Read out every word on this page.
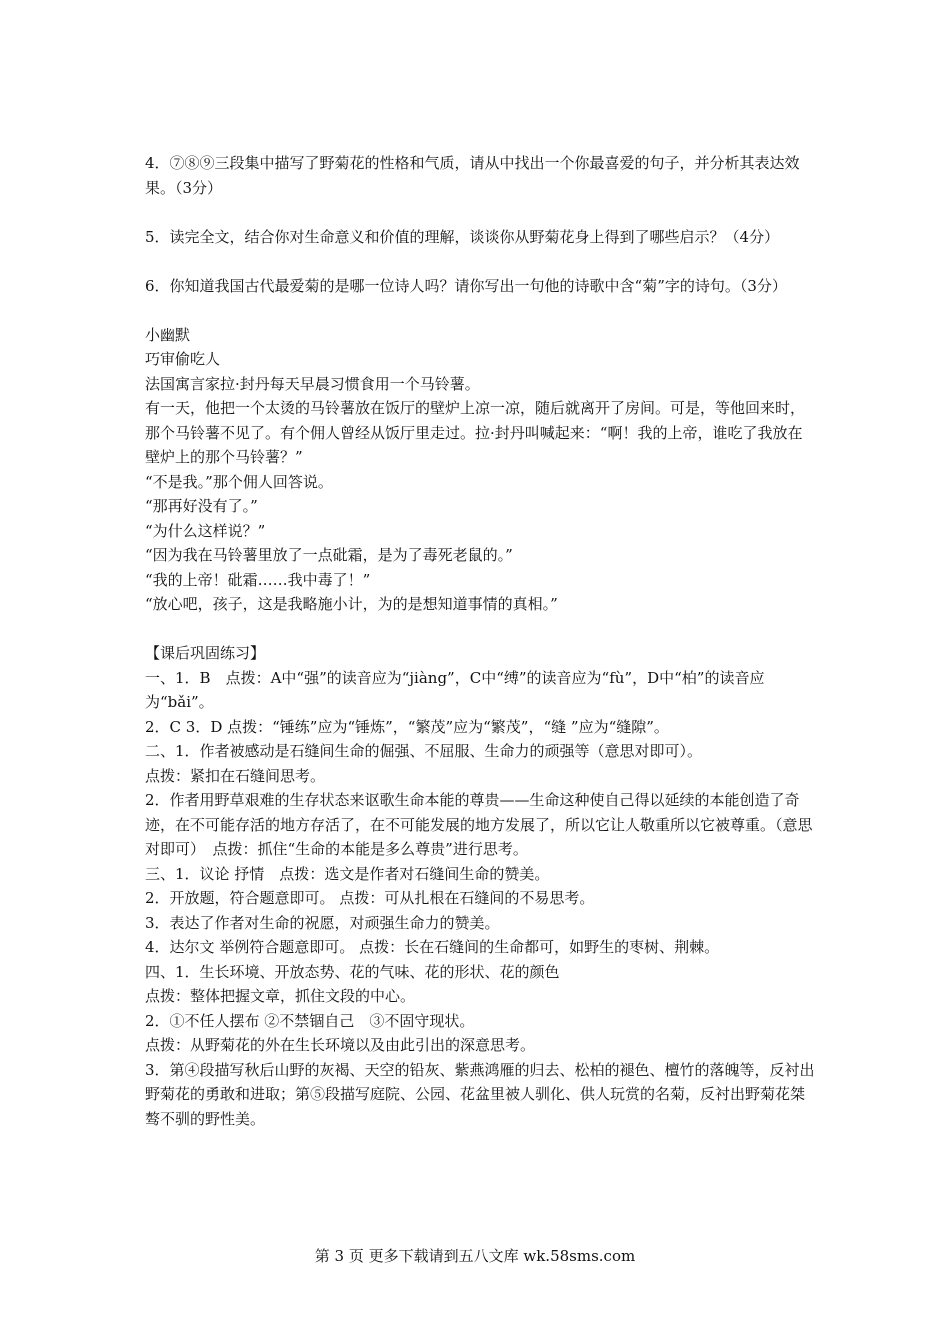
4．⑦⑧⑨三段集中描写了野菊花的性格和气质，请从中找出一个你最喜爱的句子，并分析其表达效果。（3分）

5．读完全文，结合你对生命意义和价值的理解，谈谈你从野菊花身上得到了哪些启示？（4分）

6．你知道我国古代最爱菊的是哪一位诗人吗？请你写出一句他的诗歌中含“菊”字的诗句。（3分）

小幽默

巧审偷吃人

法国寓言家拉·封丹每天早晨习惯食用一个马铃薯。

有一天，他把一个太烫的马铃薯放在饭厅的壁炉上凉一凉，随后就离开了房间。可是，等他回来时，那个马铃薯不见了。有个佣人曾经从饭厅里走过。拉·封丹叫喊起来：“啊！我的上帝，谁吃了我放在壁炉上的那个马铃薯？”

“不是我。”那个佣人回答说。

“那再好没有了。”

“为什么这样说？”

“因为我在马铃薯里放了一点砒霜，是为了毒死老鼠的。”

“我的上帝！砒霜……我中毒了！”

“放心吧，孩子，这是我略施小计，为的是想知道事情的真相。”

【课后巩固练习】

一、1．B　点拨：A中“强”的读音应为“jiàng”，C中“缚”的读音应为“fù”，D中“柏”的读音应为“bǎi”。

2．C 3．D 点拨：“锤练”应为“锤炼”，“繁茂”应为“繁茂”，“缝 ”应为“缝隙”。

二、1．作者被感动是石缝间生命的倔强、不屈服、生命力的顽强等（意思对即可）。

点拨：紧扣在石缝间思考。

2．作者用野草艰难的生存状态来讴歌生命本能的尊贵——生命这种使自己得以延续的本能创造了奇迹，在不可能存活的地方存活了，在不可能发展的地方发展了，所以它让人敬重所以它被尊重。（意思对即可）　点拨：抓住“生命的本能是多么尊贵”进行思考。

三、1．议论 抒情　点拨：选文是作者对石缝间生命的赞美。

2．开放题，符合题意即可。 点拨：可从扎根在石缝间的不易思考。

3．表达了作者对生命的祝愿，对顽强生命力的赞美。

4．达尔文 举例符合题意即可。 点拨：长在石缝间的生命都可，如野生的枣树、荆棘。

四、1．生长环境、开放态势、花的气味、花的形状、花的颜色

点拨：整体把握文章，抓住文段的中心。

2．①不任人摆布 ②不禁锢自己　③不固守现状。

点拨：从野菊花的外在生长环境以及由此引出的深意思考。

3．第④段描写秋后山野的灰褐、天空的铅灰、紫燕鸿雁的归去、松柏的褪色、檀竹的落魄等，反衬出野菊花的勇敢和进取；第⑤段描写庭院、公园、花盆里被人驯化、供人玩赏的名菊，反衬出野菊花桀骜不驯的野性美。

第 3 页 更多下载请到五八文库 wk.58sms.com
